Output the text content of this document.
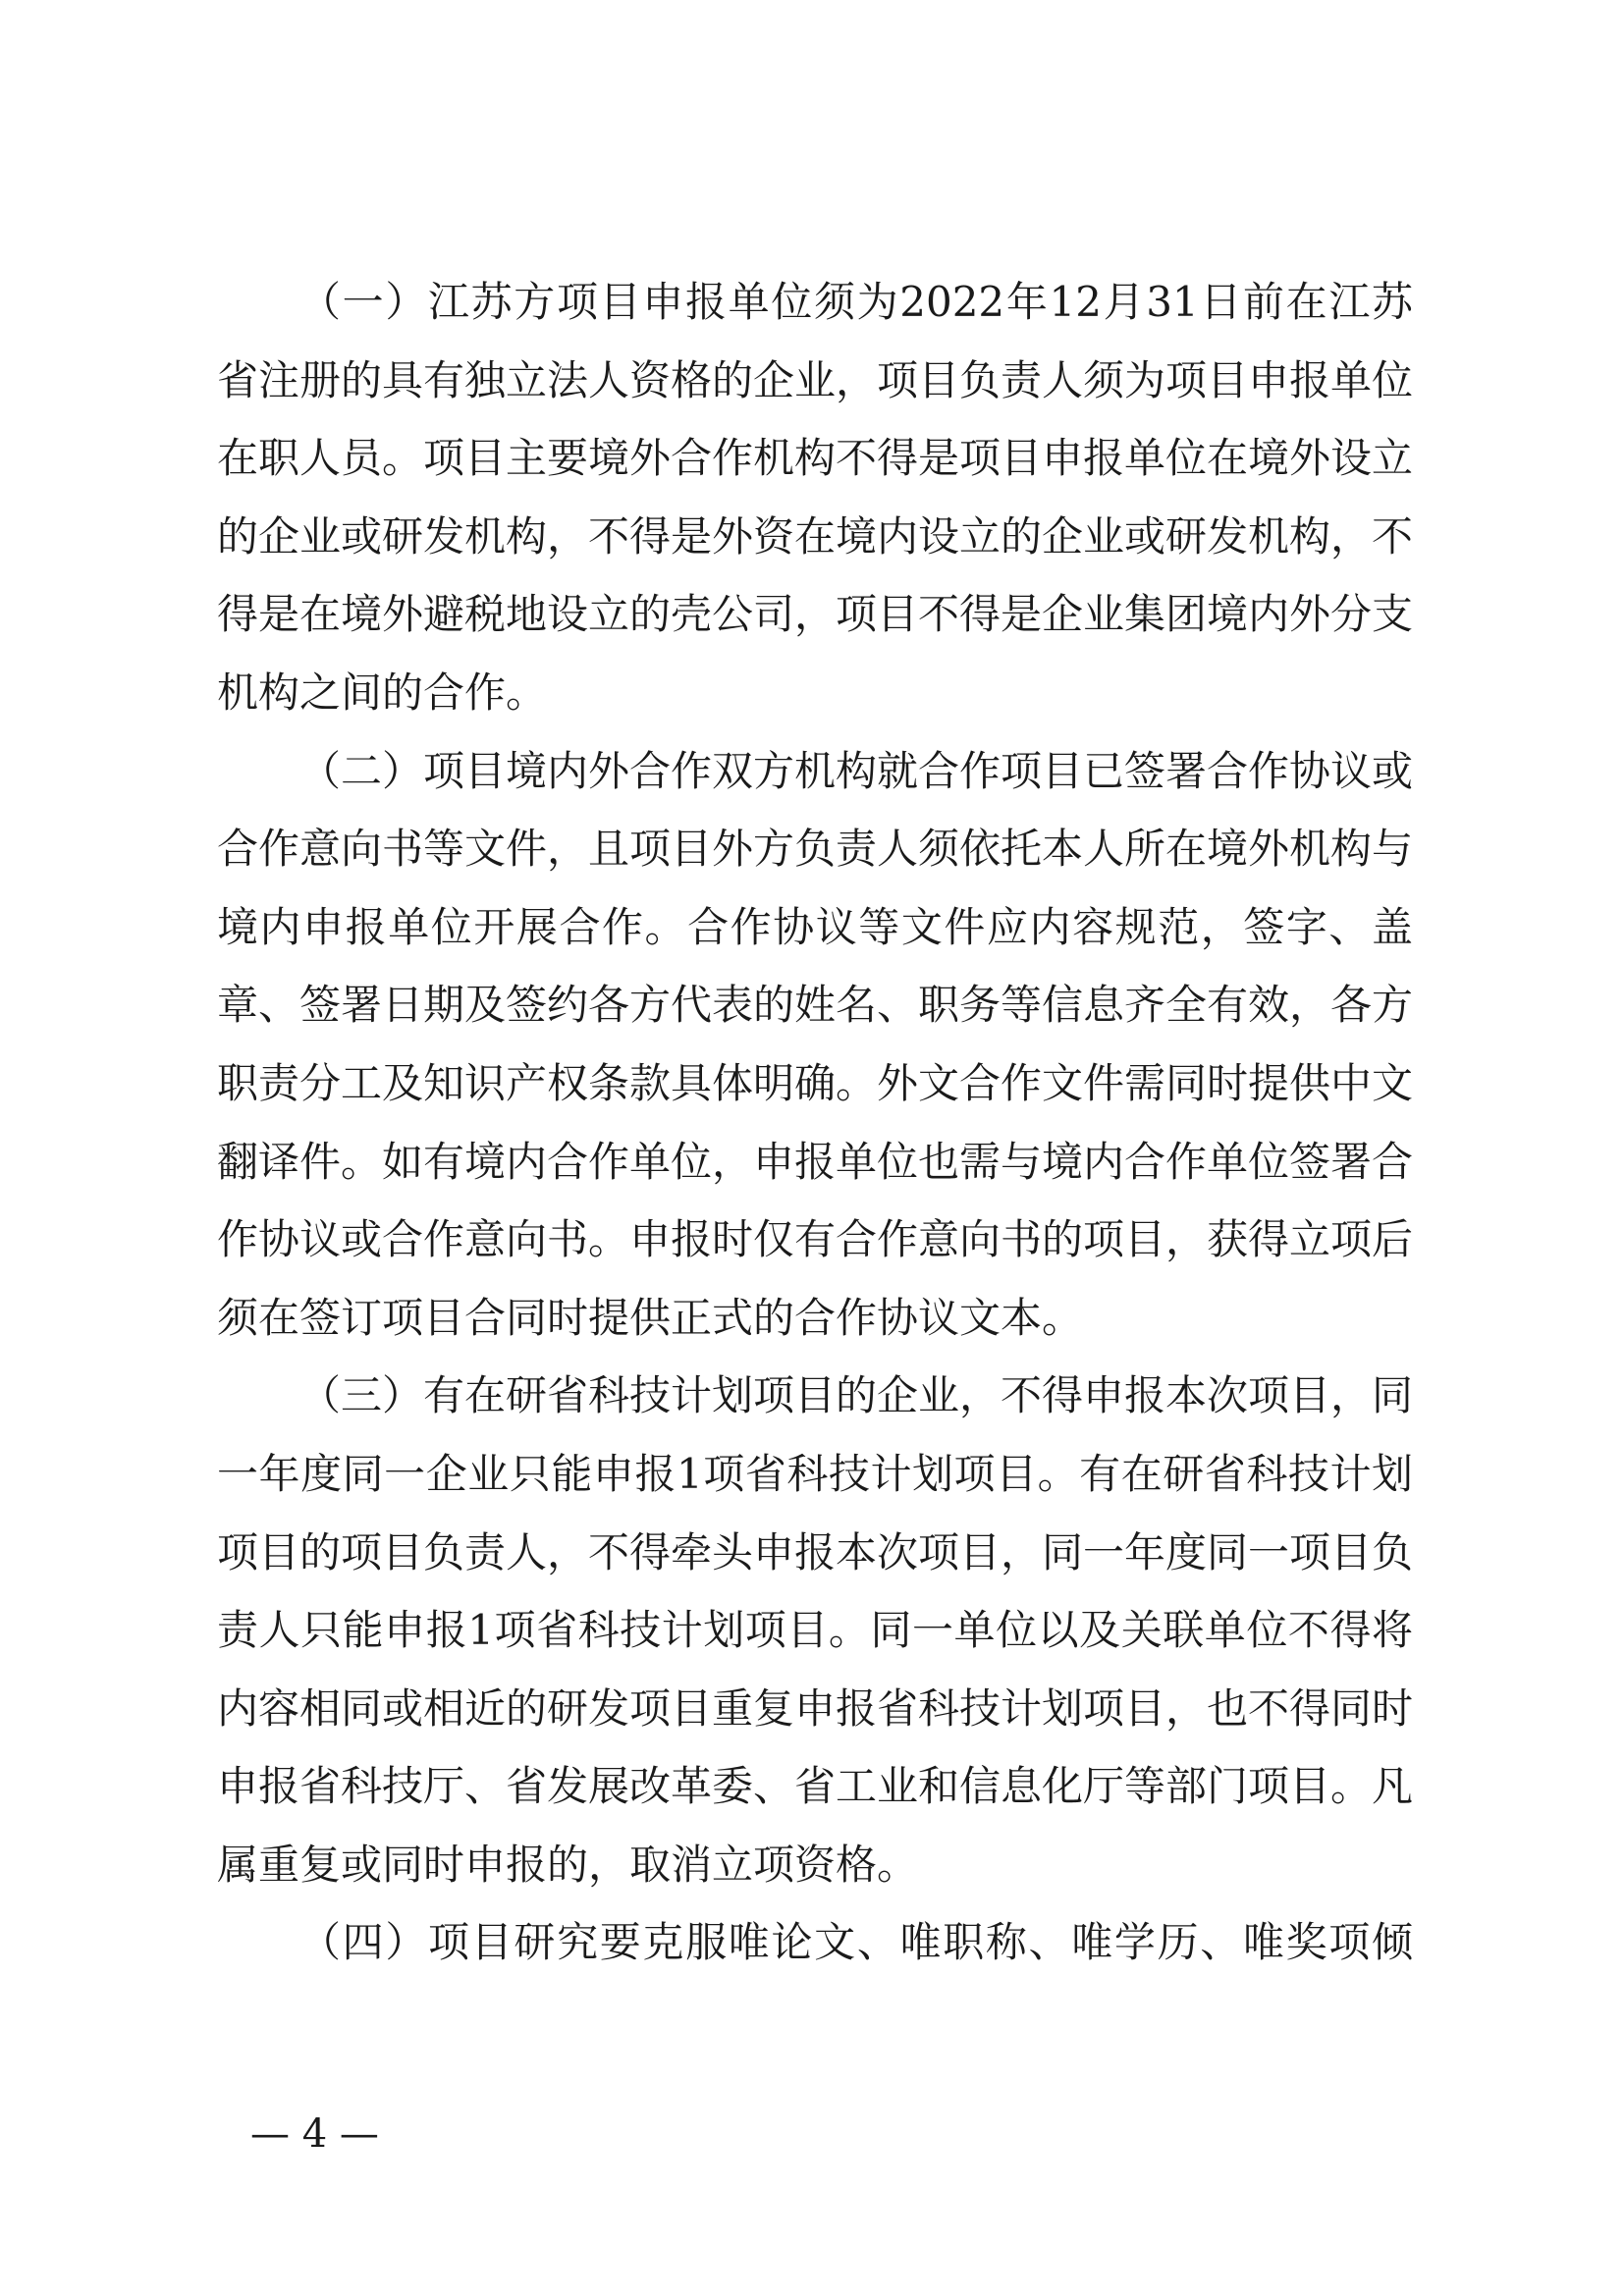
（一）江苏方项目申报单位须为2022年12月31日前在江苏省注册的具有独立法人资格的企业，项目负责人须为项目申报单位在职人员。项目主要境外合作机构不得是项目申报单位在境外设立的企业或研发机构，不得是外资在境内设立的企业或研发机构，不得是在境外避税地设立的壳公司，项目不得是企业集团境内外分支机构之间的合作。

（二）项目境内外合作双方机构就合作项目已签署合作协议或合作意向书等文件，且项目外方负责人须依托本人所在境外机构与境内申报单位开展合作。合作协议等文件应内容规范，签字、盖章、签署日期及签约各方代表的姓名、职务等信息齐全有效，各方职责分工及知识产权条款具体明确。外文合作文件需同时提供中文翻译件。如有境内合作单位，申报单位也需与境内合作单位签署合作协议或合作意向书。申报时仅有合作意向书的项目，获得立项后须在签订项目合同时提供正式的合作协议文本。

（三）有在研省科技计划项目的企业，不得申报本次项目，同一年度同一企业只能申报1项省科技计划项目。有在研省科技计划项目的项目负责人，不得牵头申报本次项目，同一年度同一项目负责人只能申报1项省科技计划项目。同一单位以及关联单位不得将内容相同或相近的研发项目重复申报省科技计划项目，也不得同时申报省科技厅、省发展改革委、省工业和信息化厅等部门项目。凡属重复或同时申报的，取消立项资格。

（四）项目研究要克服唯论文、唯职称、唯学历、唯奖项倾

— 4 —
